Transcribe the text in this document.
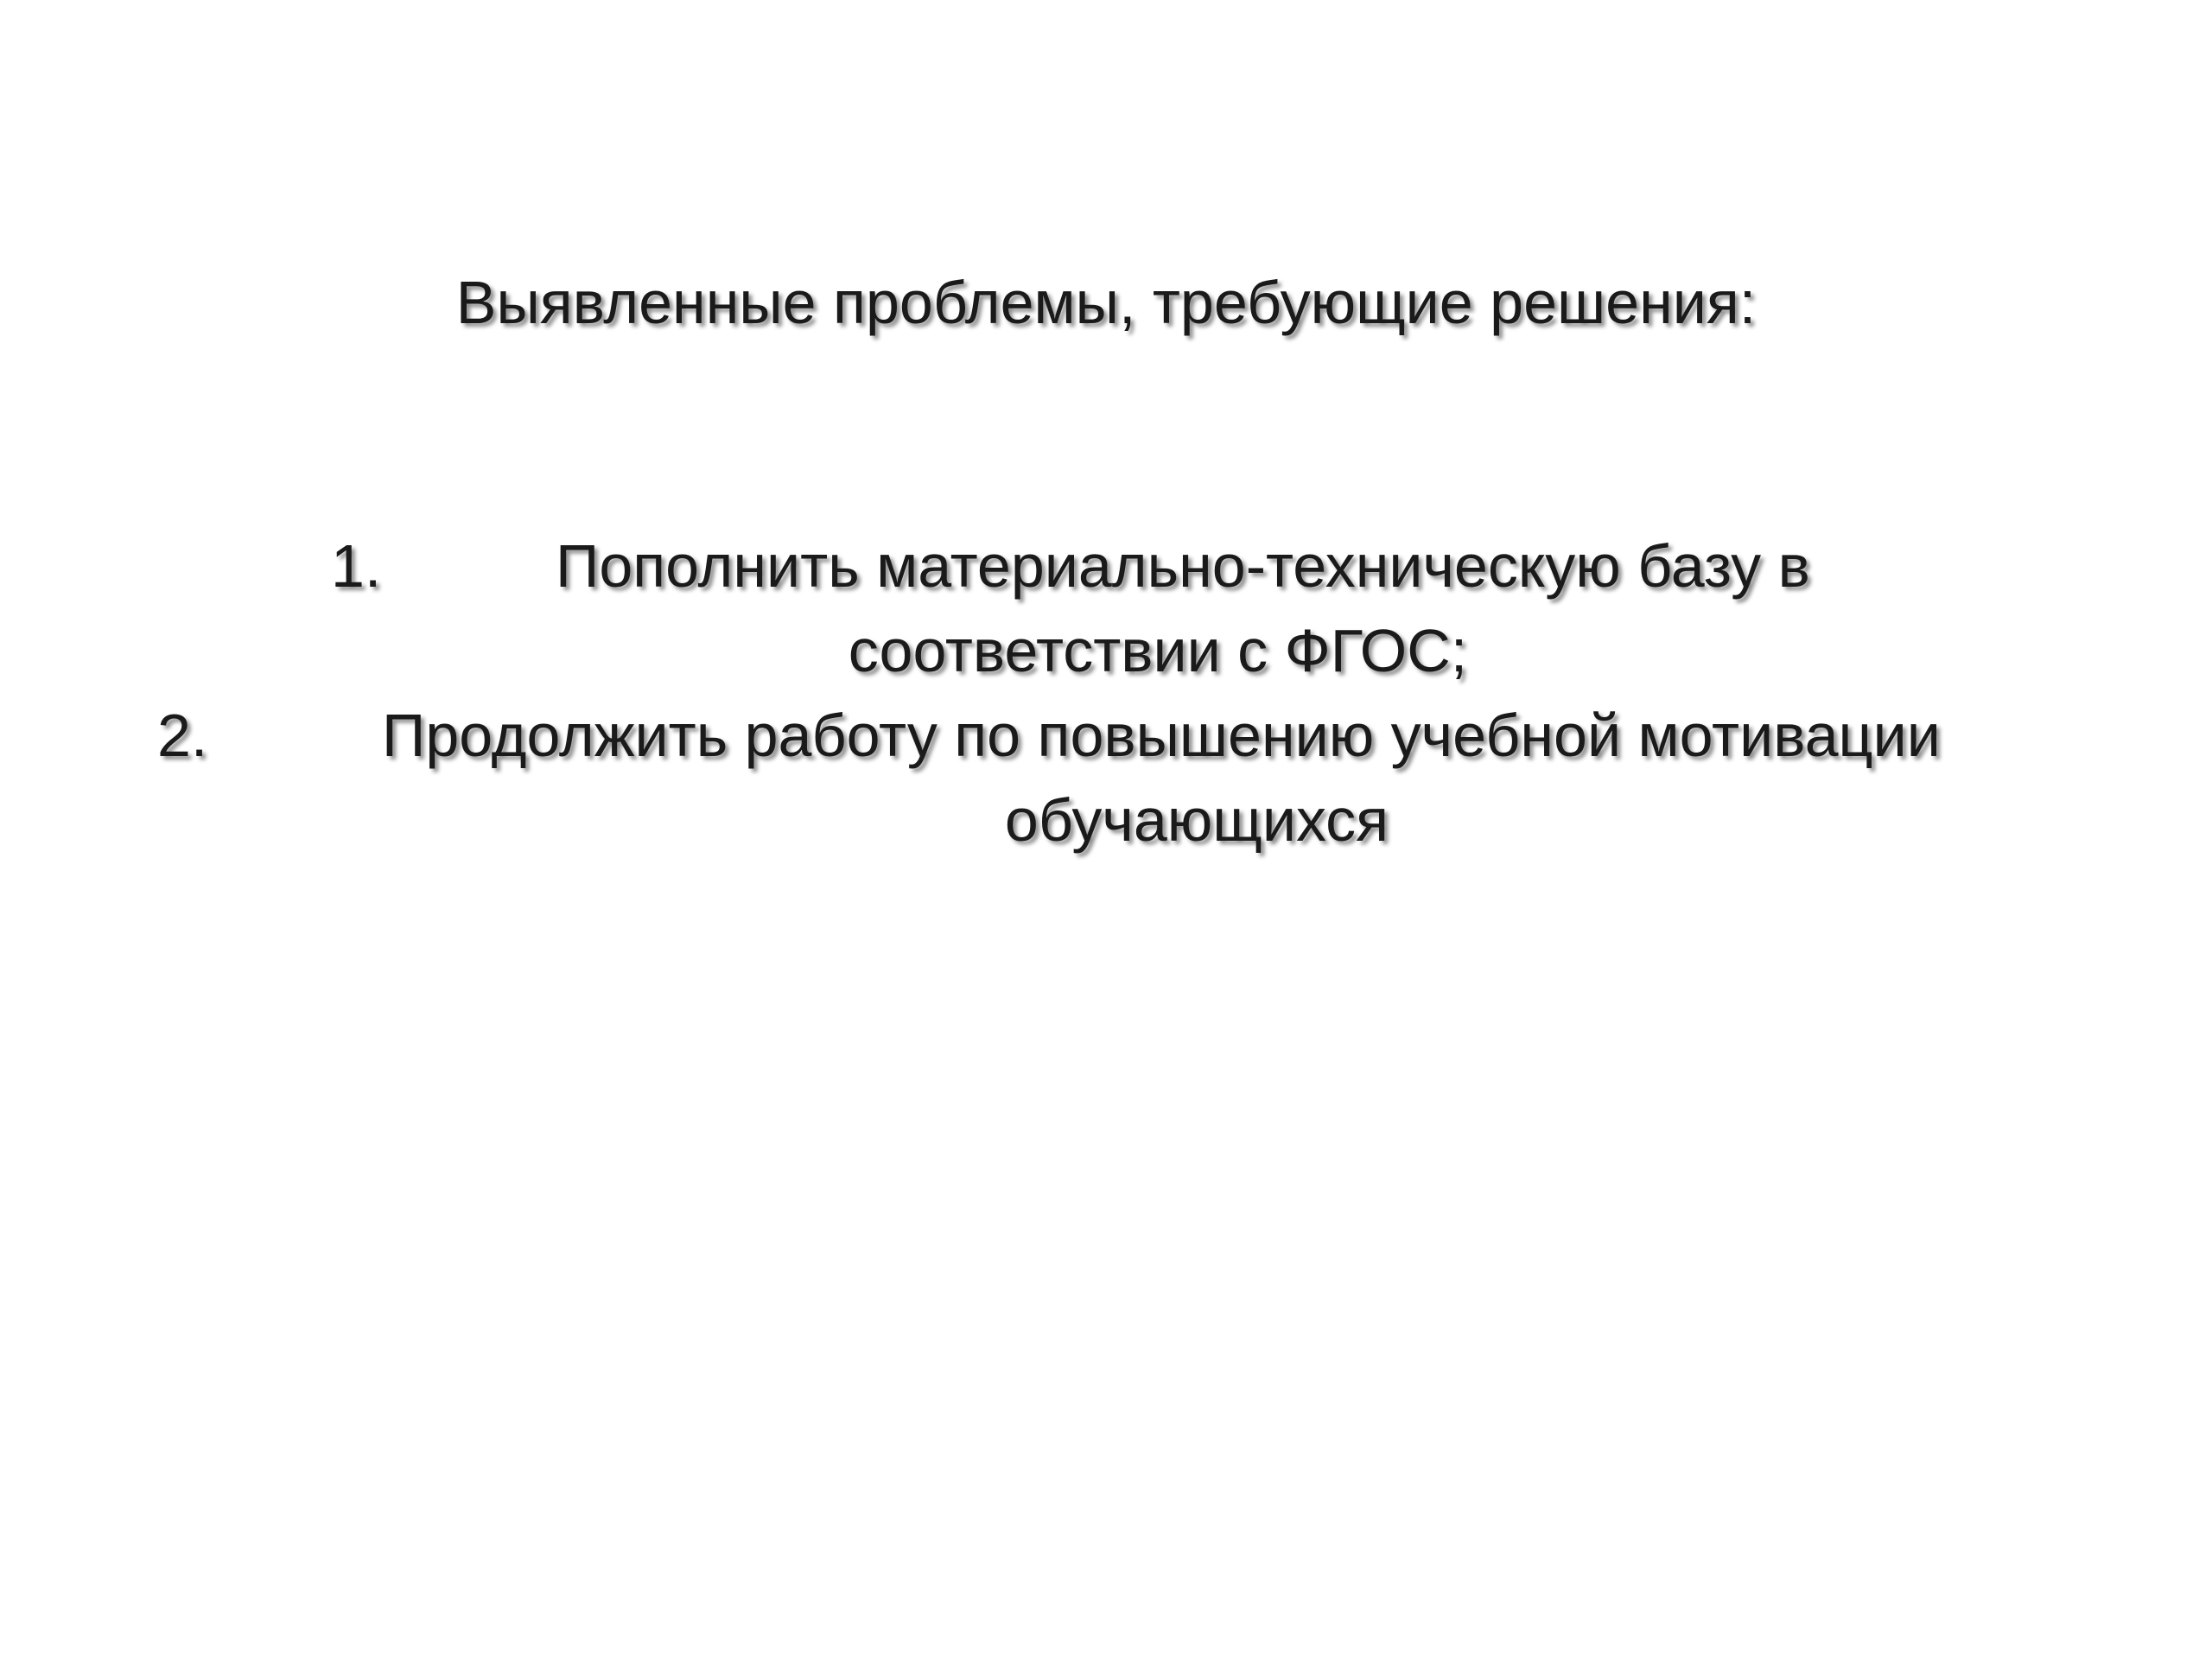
Выявленные проблемы, требующие решения:
1.	Пополнить материально-техническую базу в
соответствии с ФГОС;
2.	Продолжить работу по повышению учебной мотивации
обучающихся
